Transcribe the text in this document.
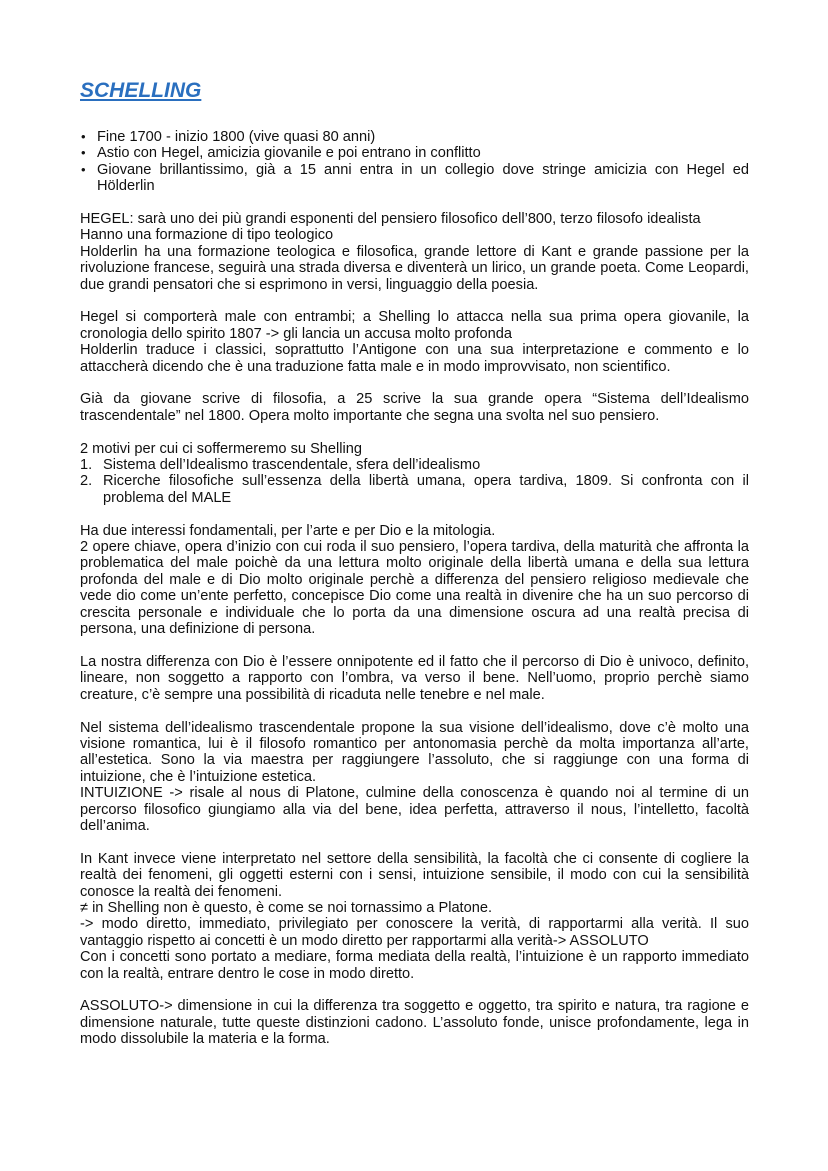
SCHELLING
• Fine 1700 - inizio 1800 (vive quasi 80 anni)
• Astio con Hegel, amicizia giovanile e poi entrano in conflitto
• Giovane brillantissimo, già a 15 anni entra in un collegio dove stringe amicizia con Hegel ed Hölderlin

HEGEL: sarà uno dei più grandi esponenti del pensiero filosofico dell’800, terzo filosofo idealista

Hanno una formazione di tipo teologico

Holderlin ha una formazione teologica e filosofica, grande lettore di Kant e grande passione per la rivoluzione francese, seguirà una strada diversa e diventerà un lirico, un grande poeta. Come Leopardi, due grandi pensatori che si esprimono in versi, linguaggio della poesia.

Hegel si comporterà male con entrambi; a Shelling lo attacca nella sua prima opera giovanile, la cronologia dello spirito 1807 -> gli lancia un accusa molto profonda

Holderlin traduce i classici, soprattutto l’Antigone con una sua interpretazione e commento e lo attaccherà dicendo che è una traduzione fatta male e in modo improvvisato, non scientifico.

Già da giovane scrive di filosofia, a 25 scrive la sua grande opera “Sistema dell’Idealismo trascendentale” nel 1800. Opera molto importante che segna una svolta nel suo pensiero.

2 motivi per cui ci soffermeremo su Shelling

1. Sistema dell’Idealismo trascendentale, sfera dell’idealismo
2. Ricerche filosofiche sull’essenza della libertà umana, opera tardiva, 1809. Si confronta con il problema del MALE

Ha due interessi fondamentali, per l’arte e per Dio e la mitologia.

2 opere chiave, opera d’inizio con cui roda il suo pensiero, l’opera tardiva, della maturità che affronta la problematica del male poichè da una lettura molto originale della libertà umana e della sua lettura profonda del male e di Dio molto originale perchè a differenza del pensiero religioso medievale che vede dio come un’ente perfetto, concepisce Dio come una realtà in divenire che ha un suo percorso di crescita personale e individuale che lo porta da una dimensione oscura ad una realtà precisa di persona, una definizione di persona.

La nostra differenza con Dio è l’essere onnipotente ed il fatto che il percorso di Dio è univoco, definito, lineare, non soggetto a rapporto con l’ombra, va verso il bene. Nell’uomo, proprio perchè siamo creature, c’è sempre una possibilità di ricaduta nelle tenebre e nel male.

Nel sistema dell’idealismo trascendentale propone la sua visione dell’idealismo, dove c’è molto una visione romantica, lui è il filosofo romantico per antonomasia perchè da molta importanza all’arte, all’estetica. Sono la via maestra per raggiungere l’assoluto, che si raggiunge con una forma di intuizione, che è l’intuizione estetica.

INTUIZIONE -> risale al nous di Platone, culmine della conoscenza è quando noi al termine di un percorso filosofico giungiamo alla via del bene, idea perfetta, attraverso il nous, l’intelletto, facoltà dell’anima.

In Kant invece viene interpretato nel settore della sensibilità, la facoltà che ci consente di cogliere la realtà dei fenomeni, gli oggetti esterni con i sensi, intuizione sensibile, il modo con cui la sensibilità conosce la realtà dei fenomeni.

≠ in Shelling non è questo, è come se noi tornassimo a Platone.

-> modo diretto, immediato, privilegiato per conoscere la verità, di rapportarmi alla verità. Il suo vantaggio rispetto ai concetti è un modo diretto per rapportarmi alla verità-> ASSOLUTO

Con i concetti sono portato a mediare, forma mediata della realtà, l’intuizione è un rapporto immediato con la realtà, entrare dentro le cose in modo diretto.

ASSOLUTO-> dimensione in cui la differenza tra soggetto e oggetto, tra spirito e natura, tra ragione e dimensione naturale, tutte queste distinzioni cadono. L’assoluto fonde, unisce profondamente, lega in modo dissolubile la materia e la forma.
